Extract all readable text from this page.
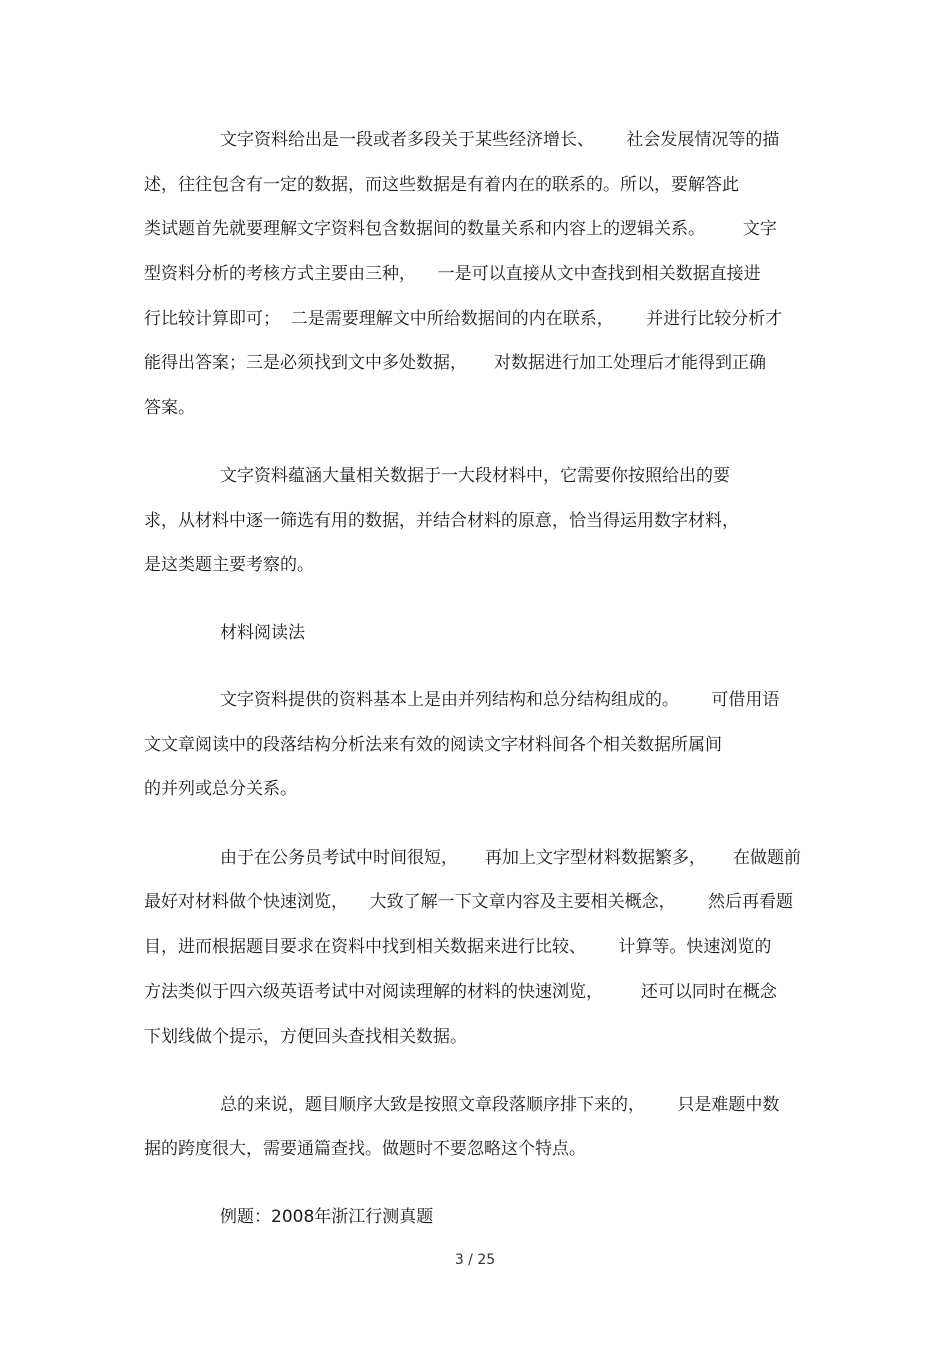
文字资料给出是一段或者多段关于某些经济增长、      社会发展情况等的描
述，往往包含有一定的数据，而这些数据是有着内在的联系的。所以，要解答此
类试题首先就要理解文字资料包含数据间的数量关系和内容上的逻辑关系。       文字
型资料分析的考核方式主要由三种，    一是可以直接从文中查找到相关数据直接进
行比较计算即可；  二是需要理解文中所给数据间的内在联系，      并进行比较分析才
能得出答案；三是必须找到文中多处数据，     对数据进行加工处理后才能得到正确
答案。
文字资料蕴涵大量相关数据于一大段材料中，它需要你按照给出的要
求，从材料中逐一筛选有用的数据，并结合材料的原意，恰当得运用数字材料，
是这类题主要考察的。
材料阅读法
文字资料提供的资料基本上是由并列结构和总分结构组成的。      可借用语
文文章阅读中的段落结构分析法来有效的阅读文字材料间各个相关数据所属间
的并列或总分关系。
由于在公务员考试中时间很短，     再加上文字型材料数据繁多，     在做题前
最好对材料做个快速浏览，    大致了解一下文章内容及主要相关概念，      然后再看题
目，进而根据题目要求在资料中找到相关数据来进行比较、      计算等。快速浏览的
方法类似于四六级英语考试中对阅读理解的材料的快速浏览，       还可以同时在概念
下划线做个提示，方便回头查找相关数据。
总的来说，题目顺序大致是按照文章段落顺序排下来的，      只是难题中数
据的跨度很大，需要通篇查找。做题时不要忽略这个特点。
例题：2008年浙江行测真题
3 / 25
